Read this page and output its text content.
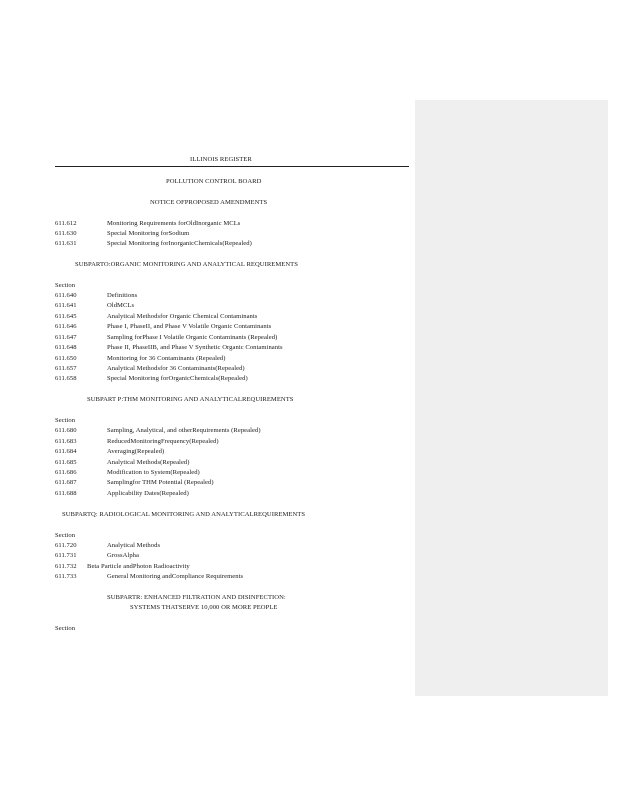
ILLINOIS REGISTER
POLLUTION CONTROL BOARD
NOTICE OFPROPOSED AMENDMENTS
611.612	Monitoring Requirements forOldInorganic MCLs
611.630	Special Monitoring forSodium
611.631	Special Monitoring forInorganicChemicals(Repealed)
SUBPARTO:ORGANIC MONITORING AND ANALYTICAL REQUIREMENTS
Section
611.640	Definitions
611.641	OldMCLs
611.645	Analytical Methodsfor Organic Chemical Contaminants
611.646	Phase I, PhaseII, and Phase V Volatile Organic Contaminants
611.647	Sampling forPhase I Volatile Organic Contaminants (Repealed)
611.648	Phase II, PhaseIIB, and Phase V Synthetic Organic Contaminants
611.650	Monitoring for 36 Contaminants (Repealed)
611.657	Analytical Methodsfor 36 Contaminants(Repealed)
611.658	Special Monitoring forOrganicChemicals(Repealed)
SUBPART P:THM MONITORING AND ANALYTICALREQUIREMENTS
Section
611.680	Sampling, Analytical, and otherRequirements (Repealed)
611.683	ReducedMonitoringFrequency(Repealed)
611.684	Averaging(Repealed)
611.685	Analytical Methods(Repealed)
611.686	Modification to System(Repealed)
611.687	Samplingfor THM Potential (Repealed)
611.688	Applicability Dates(Repealed)
SUBPARTQ: RADIOLOGICAL MONITORING AND ANALYTICALREQUIREMENTS
Section
611.720	Analytical Methods
611.731	GrossAlpha
611.732 Beta Particle andPhoton Radioactivity
611.733	General Monitoring andCompliance Requirements
SUBPARTR: ENHANCED FILTRATION AND DISINFECTION:
SYSTEMS THATSERVE 10,000 OR MORE PEOPLE
Section
